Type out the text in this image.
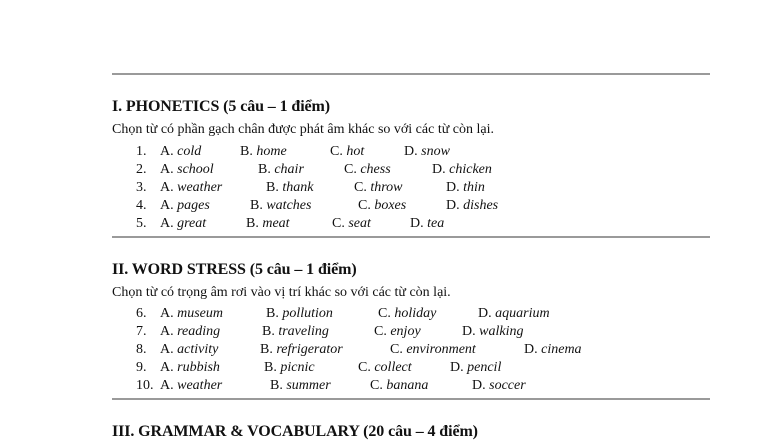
I. PHONETICS (5 câu – 1 điểm)
Chọn từ có phần gạch chân được phát âm khác so với các từ còn lại.
1. A. cold	B. home	C. hot	D. snow
2. A. school	B. chair	C. chess	D. chicken
3. A. weather	B. thank	C. throw	D. thin
4. A. pages	B. watches	C. boxes	D. dishes
5. A. great	B. meat	C. seat	D. tea
II. WORD STRESS (5 câu – 1 điểm)
Chọn từ có trọng âm rơi vào vị trí khác so với các từ còn lại.
6. A. museum	B. pollution	C. holiday	D. aquarium
7. A. reading	B. traveling	C. enjoy	D. walking
8. A. activity	B. refrigerator	C. environment	D. cinema
9. A. rubbish	B. picnic	C. collect	D. pencil
10. A. weather	B. summer	C. banana	D. soccer
III. GRAMMAR & VOCABULARY (20 câu – 4 điểm)
